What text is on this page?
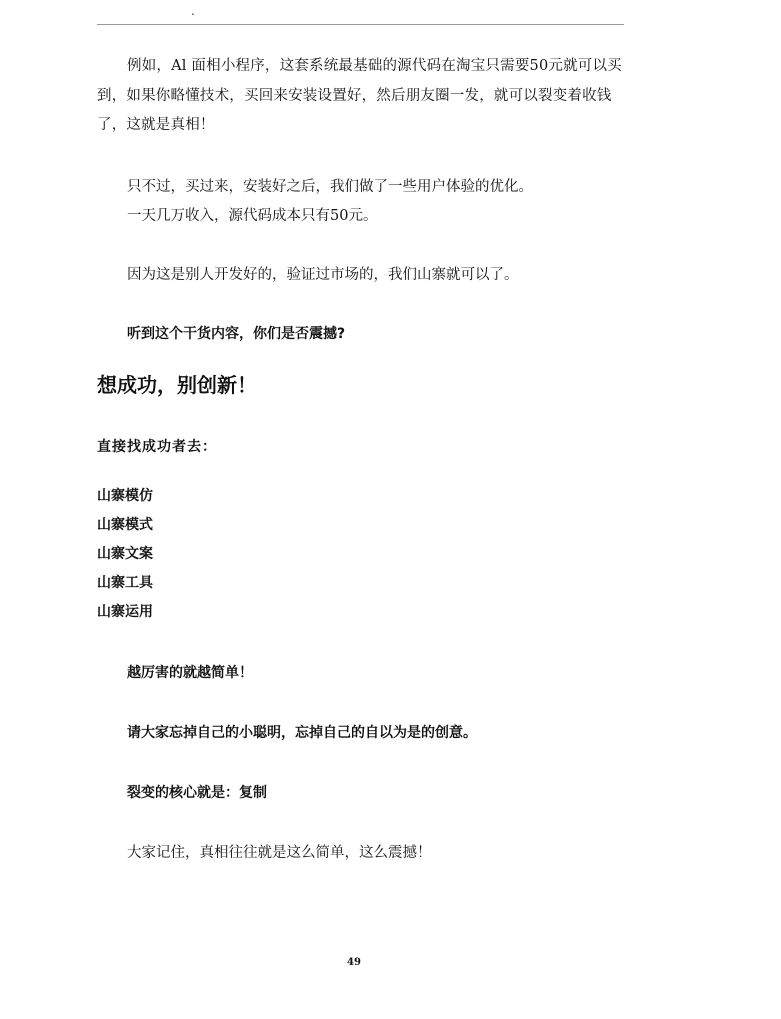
.

例如，Al 面相小程序，这套系统最基础的源代码在淘宝只需要50元就可以买到，如果你略懂技术，买回来安装设置好，然后朋友圈一发，就可以裂变着收钱了，这就是真相！

只不过，买过来，安装好之后，我们做了一些用户体验的优化。
一天几万收入，源代码成本只有50元。
因为这是别人开发好的，验证过市场的，我们山寨就可以了。
听到这个干货内容，你们是否震撼?
想成功，别创新！
直接找成功者去：
山寨模仿
山寨模式
山寨文案
山寨工具
山寨运用
越厉害的就越简单！
请大家忘掉自己的小聪明，忘掉自己的自以为是的创意。
裂变的核心就是：复制
大家记住，真相往往就是这么简单，这么震撼！
49
